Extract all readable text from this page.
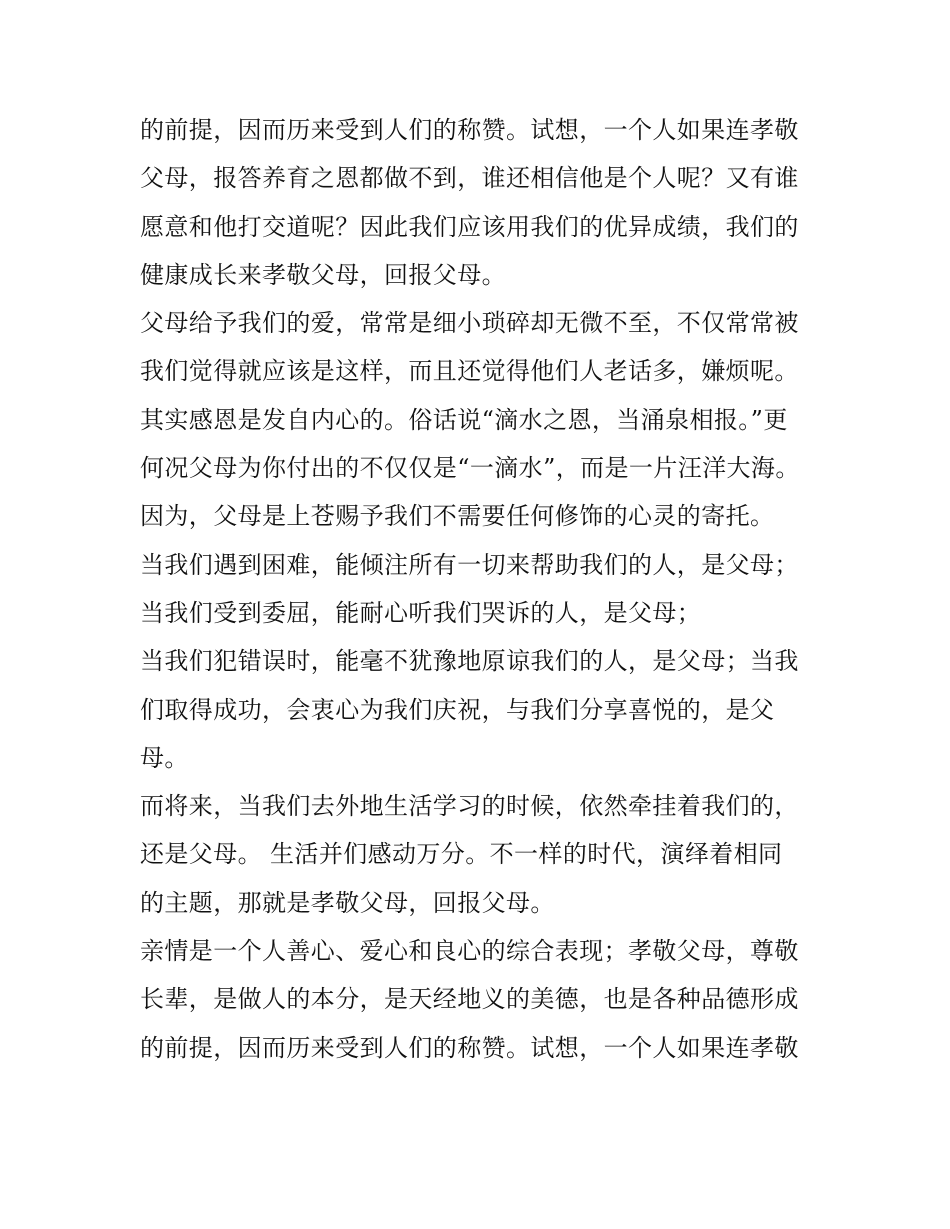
的前提，因而历来受到人们的称赞。试想，一个人如果连孝敬
父母，报答养育之恩都做不到，谁还相信他是个人呢？又有谁
愿意和他打交道呢？因此我们应该用我们的优异成绩，我们的
健康成长来孝敬父母，回报父母。
父母给予我们的爱，常常是细小琐碎却无微不至，不仅常常被
我们觉得就应该是这样，而且还觉得他们人老话多，嫌烦呢。
其实感恩是发自内心的。俗话说“滴水之恩，当涌泉相报。”更
何况父母为你付出的不仅仅是“一滴水”，而是一片汪洋大海。
因为，父母是上苍赐予我们不需要任何修饰的心灵的寄托。
当我们遇到困难，能倾注所有一切来帮助我们的人，是父母；
当我们受到委屈，能耐心听我们哭诉的人，是父母；
当我们犯错误时，能毫不犹豫地原谅我们的人，是父母；当我
们取得成功，会衷心为我们庆祝，与我们分享喜悦的，是父
母。
而将来，当我们去外地生活学习的时候，依然牵挂着我们的，
还是父母。 生活并们感动万分。不一样的时代，演绎着相同
的主题，那就是孝敬父母，回报父母。
亲情是一个人善心、爱心和良心的综合表现；孝敬父母，尊敬
长辈，是做人的本分，是天经地义的美德，也是各种品德形成
的前提，因而历来受到人们的称赞。试想，一个人如果连孝敬
